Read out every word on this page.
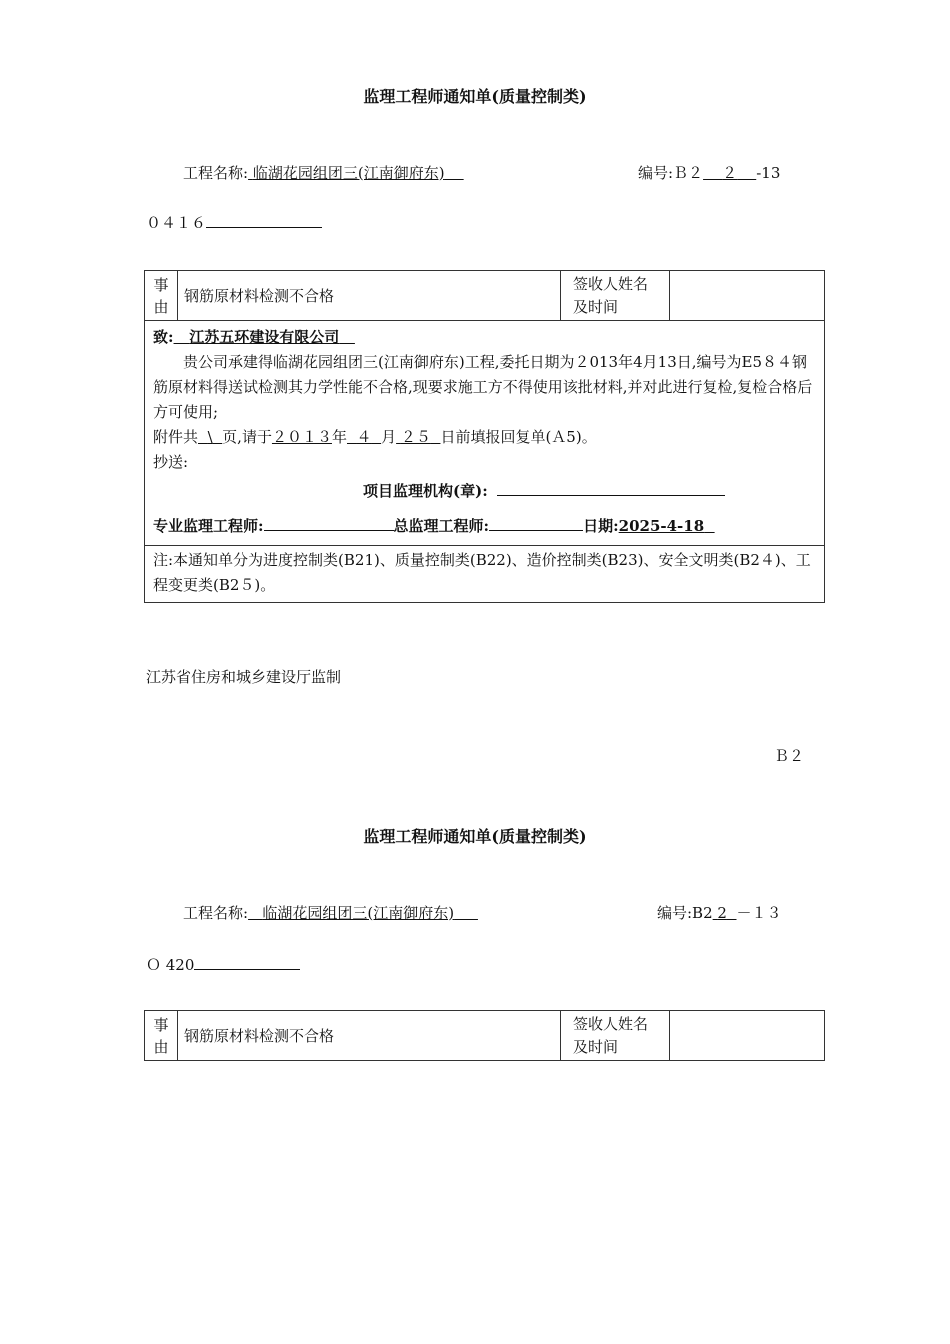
监理工程师通知单(质量控制类)
工程名称: 临湖花园组团三(江南御府东)	编号:Ｂ２ ２ -13
０４１６
事由	钢筋原材料检测不合格	签收人姓名及时间	

致: 江苏五环建设有限公司
贵公司承建得临湖花园组团三(江南御府东)工程,委托日期为２013年4月13日,编号为E5８４钢筋原材料得送试检测其力学性能不合格,现要求施工方不得使用该批材料,并对此进行复检,复检合格后方可使用;
附件共 \ 页,请于２０１３年 ４ 月 ２５ 日前填报回复单(Ａ5)。
抄送:
项目监理机构(章):
专业监理工程师:	总监理工程师:	日期:2025-4-18

注:本通知单分为进度控制类(B21)、质量控制类(B22)、造价控制类(B23)、安全文明类(B2４)、工程变更类(B2５)。
江苏省住房和城乡建设厅监制
Ｂ２
监理工程师通知单(质量控制类)
工程名称: 临湖花园组团三(江南御府东)	编号:B2 2 －１３
Ｏ 420
事由	钢筋原材料检测不合格	签收人姓名及时间	
